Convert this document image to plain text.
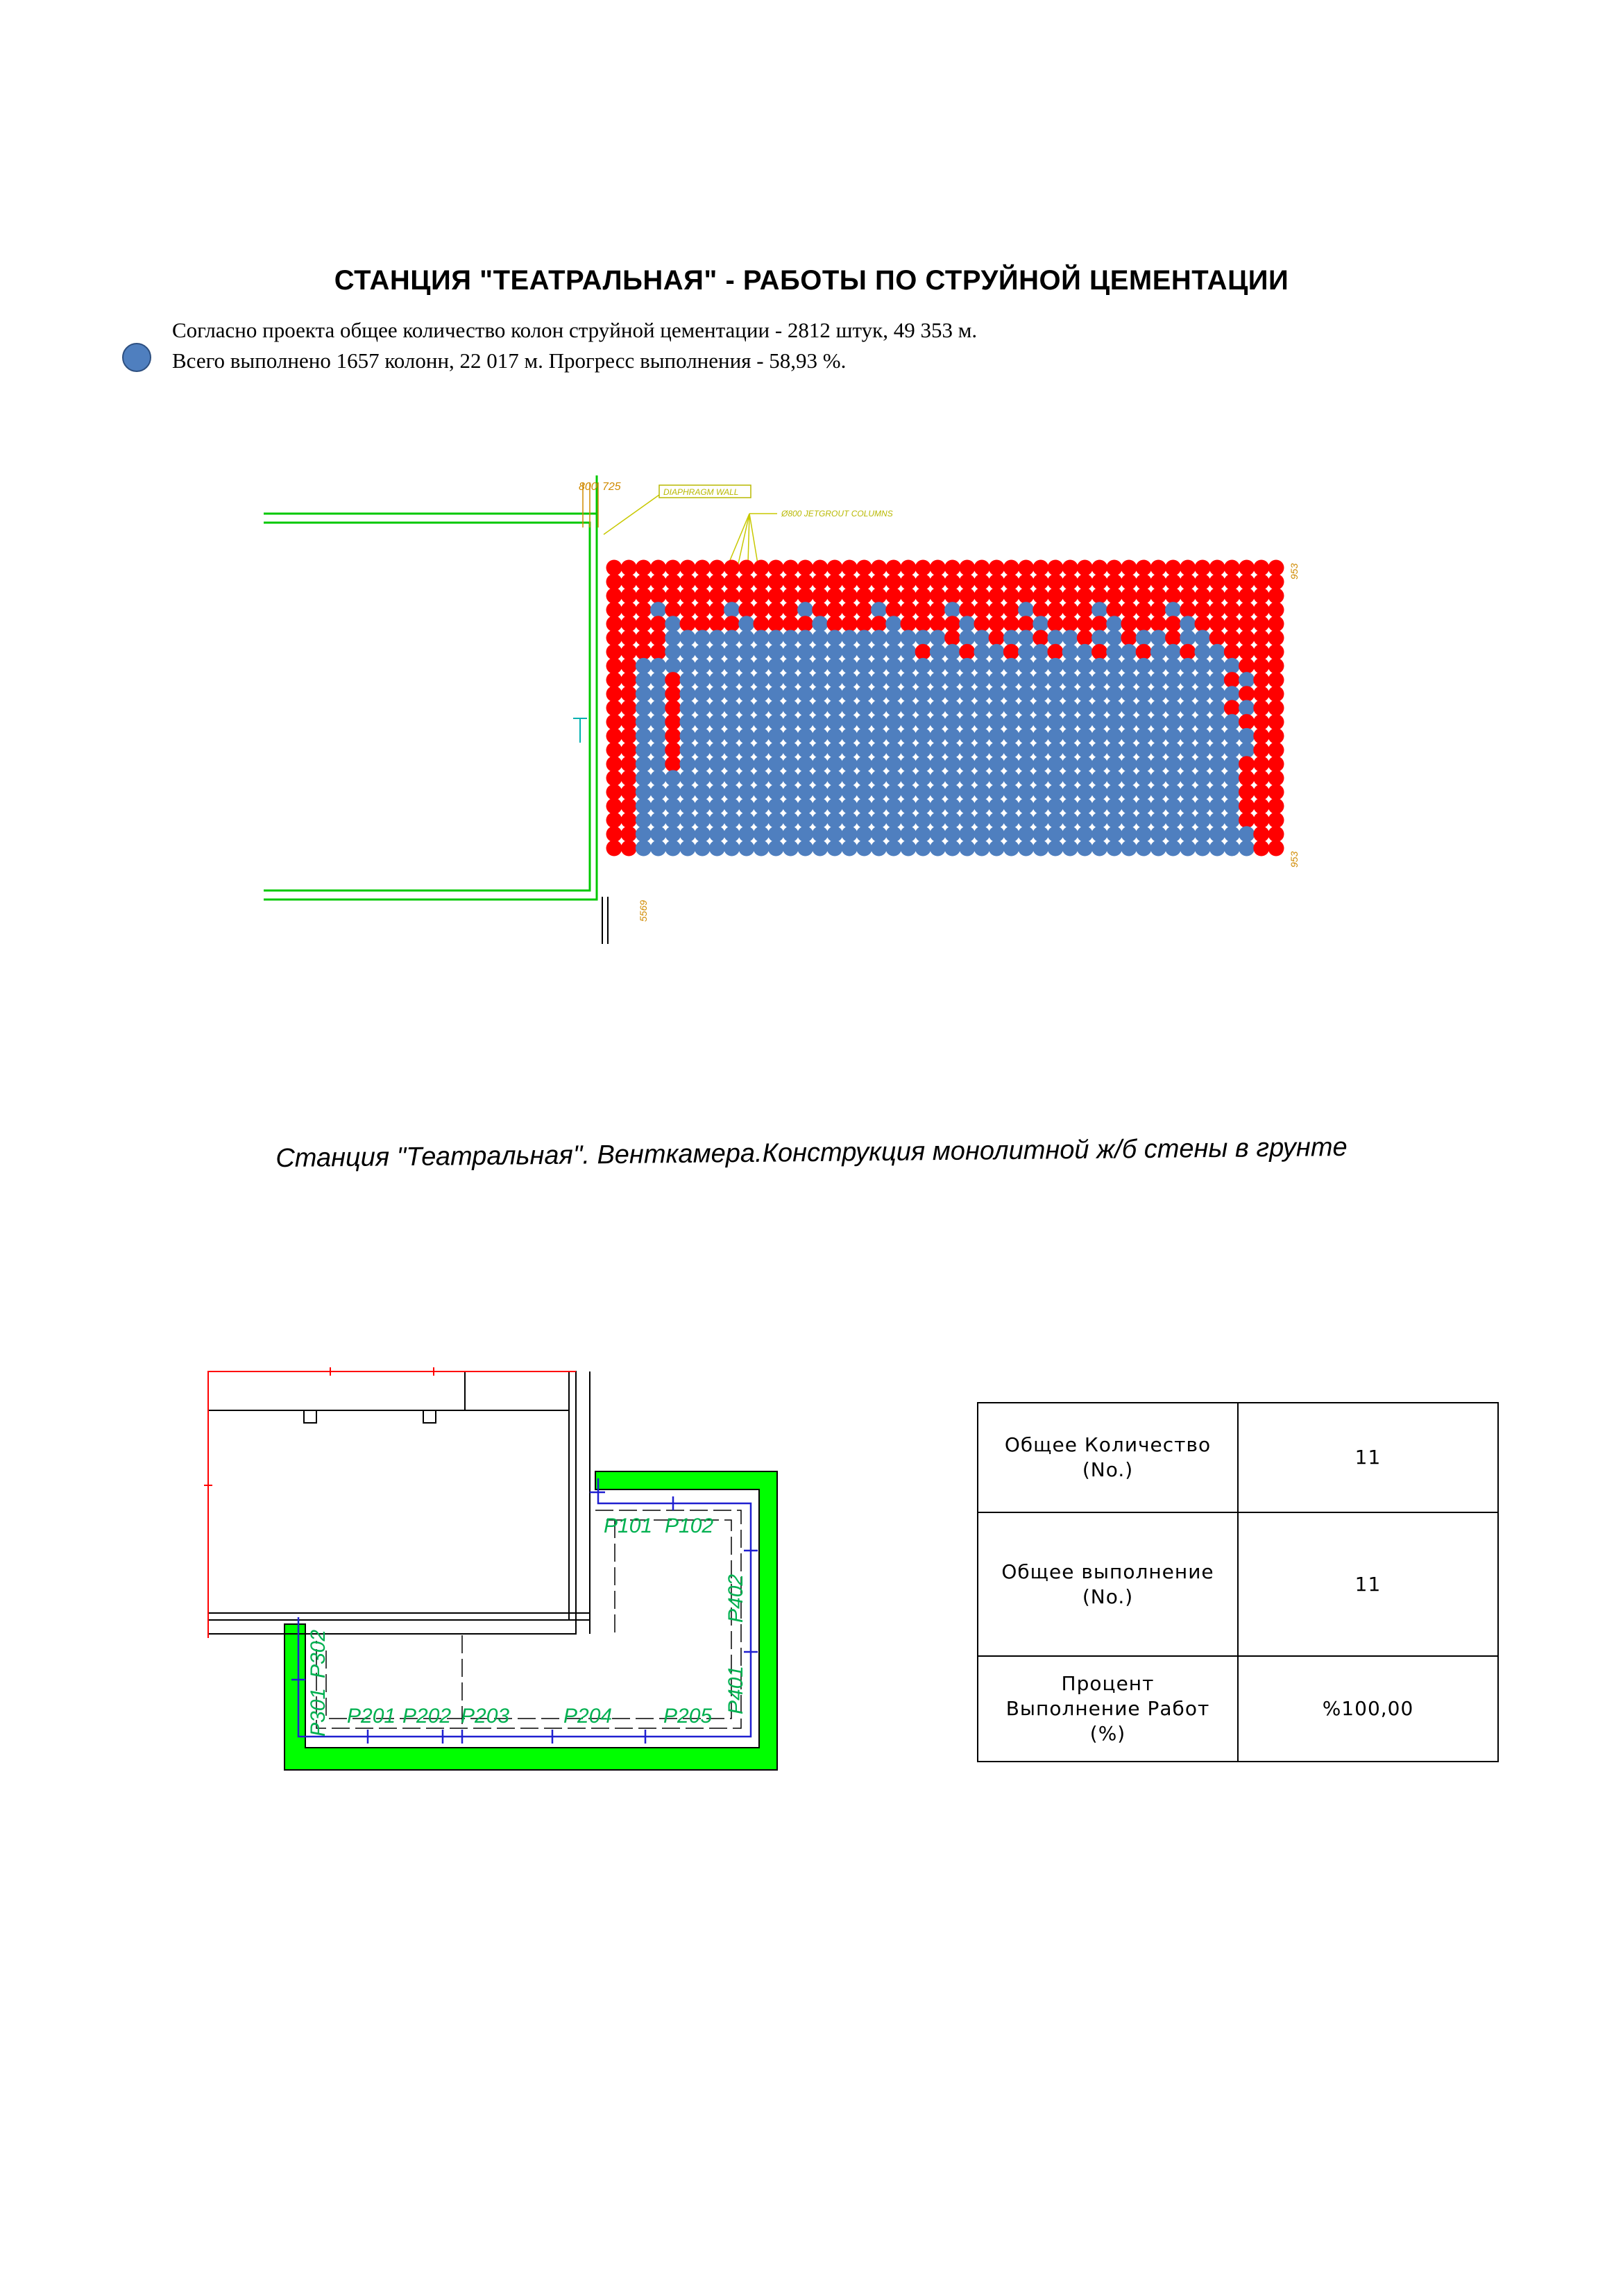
СТАНЦИЯ "ТЕАТРАЛЬНАЯ" - РАБОТЫ ПО СТРУЙНОЙ ЦЕМЕНТАЦИИ
Согласно проекта общее количество колон струйной цементации - 2812 штук, 49 353 м.
Всего выполнено 1657 колонн, 22 017 м. Прогресс выполнения - 58,93 %.
800 725	DIAPHRAGM WALL
Ø800 JETGROUT COLUMNS
953
953
5569
Станция "Театральная". Венткамера.Конструкция монолитной ж/б стены в грунте
P101 P102
P201 P202 P203	P204 P205
P301
P302
P401
P402
Общее Количество
(No.)
11
Общее выполнение
(No.)
11
Процент
Выполнение Работ
(%)
%100,00
